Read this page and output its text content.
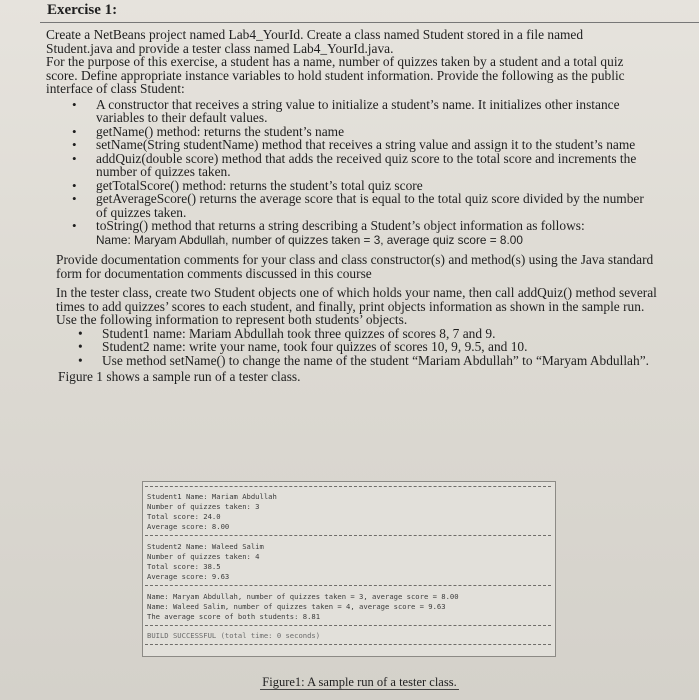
Exercise 1:

Create a NetBeans project named Lab4_YourId. Create a class named Student stored in a file named
Student.java and provide a tester class named Lab4_YourId.java.
For the purpose of this exercise, a student has a name, number of quizzes taken by a student and a total quiz
score. Define appropriate instance variables to hold student information. Provide the following as the public
interface of class Student:

• A constructor that receives a string value to initialize a student’s name. It initializes other instance
variables to their default values.
• getName() method: returns the student’s name
• setName(String studentName) method that receives a string value and assign it to the student’s name
• addQuiz(double score) method that adds the received quiz score to the total score and increments the
number of quizzes taken.
• getTotalScore() method: returns the student’s total quiz score
• getAverageScore() returns the average score that is equal to the total quiz score divided by the number
of quizzes taken.
• toString() method that returns a string describing a Student’s object information as follows:
Name: Maryam Abdullah, number of quizzes taken = 3, average quiz score = 8.00

Provide documentation comments for your class and class constructor(s) and method(s) using the Java standard
form for documentation comments discussed in this course

In the tester class, create two Student objects one of which holds your name, then call addQuiz() method several
times to add quizzes’ scores to each student, and finally, print objects information as shown in the sample run.
Use the following information to represent both students’ objects.

• Student1 name: Mariam Abdullah took three quizzes of scores 8, 7 and 9.
• Student2 name: write your name, took four quizzes of scores 10, 9, 9.5, and 10.
• Use method setName() to change the name of the student “Mariam Abdullah” to “Maryam Abdullah”.

Figure 1 shows a sample run of a tester class.

Student1 Name: Mariam Abdullah
Number of quizzes taken: 3
Total score: 24.0
Average score: 8.00
Student2 Name: Waleed Salim
Number of quizzes taken: 4
Total score: 38.5
Average score: 9.63
Name: Maryam Abdullah, number of quizzes taken = 3, average score = 8.00
Name: Waleed Salim, number of quizzes taken = 4, average score = 9.63
The average score of both students: 8.81
BUILD SUCCESSFUL (total time: 0 seconds)
Figure1: A sample run of a tester class.
